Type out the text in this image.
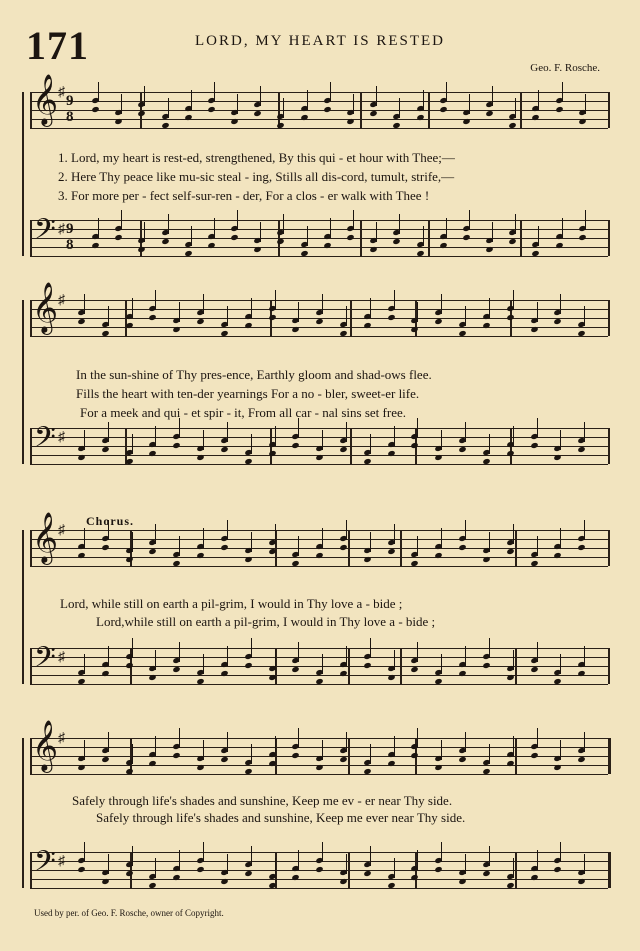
171	LORD, MY HEART IS RESTED
Geo. F. Rosche.
𝄞 ♯
9
8
𝄢 ♯ 9
8
𝄞 ♯
𝄢 ♯
𝄞 ♯
𝄢 ♯
𝄞 ♯
𝄢 ♯
1. Lord, my heart is rest-ed, strengthened, By this qui - et hour with Thee;—
2. Here Thy peace like mu-sic steal - ing, Stills all dis-cord, tumult, strife,—
3. For more per - fect self-sur-ren - der, For a clos - er walk with Thee !
In the sun-shine of Thy pres-ence, Earthly gloom and shad-ows flee.
Fills the heart with ten-der yearnings For a no - bler, sweet-er life.
For a meek and qui - et spir - it, From all car - nal sins set free.
Chorus.
Lord, while still on earth a pil-grim, I would in Thy love a - bide ;
Lord,while still on earth a pil-grim, I would in Thy love a - bide ;
Safely through life's shades and sunshine, Keep me ev - er near Thy side.
Safely through life's shades and sunshine, Keep me ever near Thy side.
Used by per. of Geo. F. Rosche, owner of Copyright.
